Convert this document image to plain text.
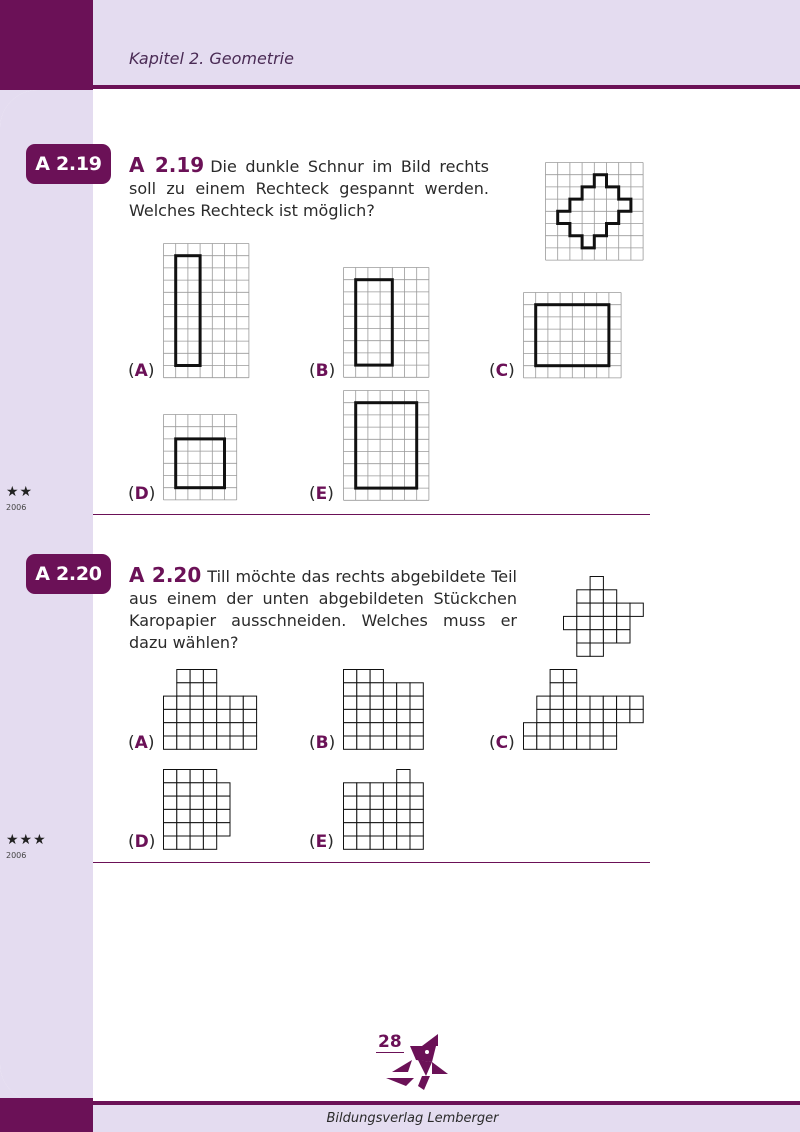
Kapitel 2. Geometrie
A 2.19	A 2.19 Die dunkle Schnur im Bild rechts soll zu einem Rechteck gespannt werden. Welches Rechteck ist möglich?
(A)	(B)	(C)
(D)	(E)
★★
2006
A 2.20	A 2.20 Till möchte das rechts abgebildete Teil aus einem der unten abgebildeten Stückchen Karopapier ausschneiden. Welches muss er dazu wählen?
(A)	(B)	(C)
(D)	(E)
★★★
2006
28
Bildungsverlag Lemberger
